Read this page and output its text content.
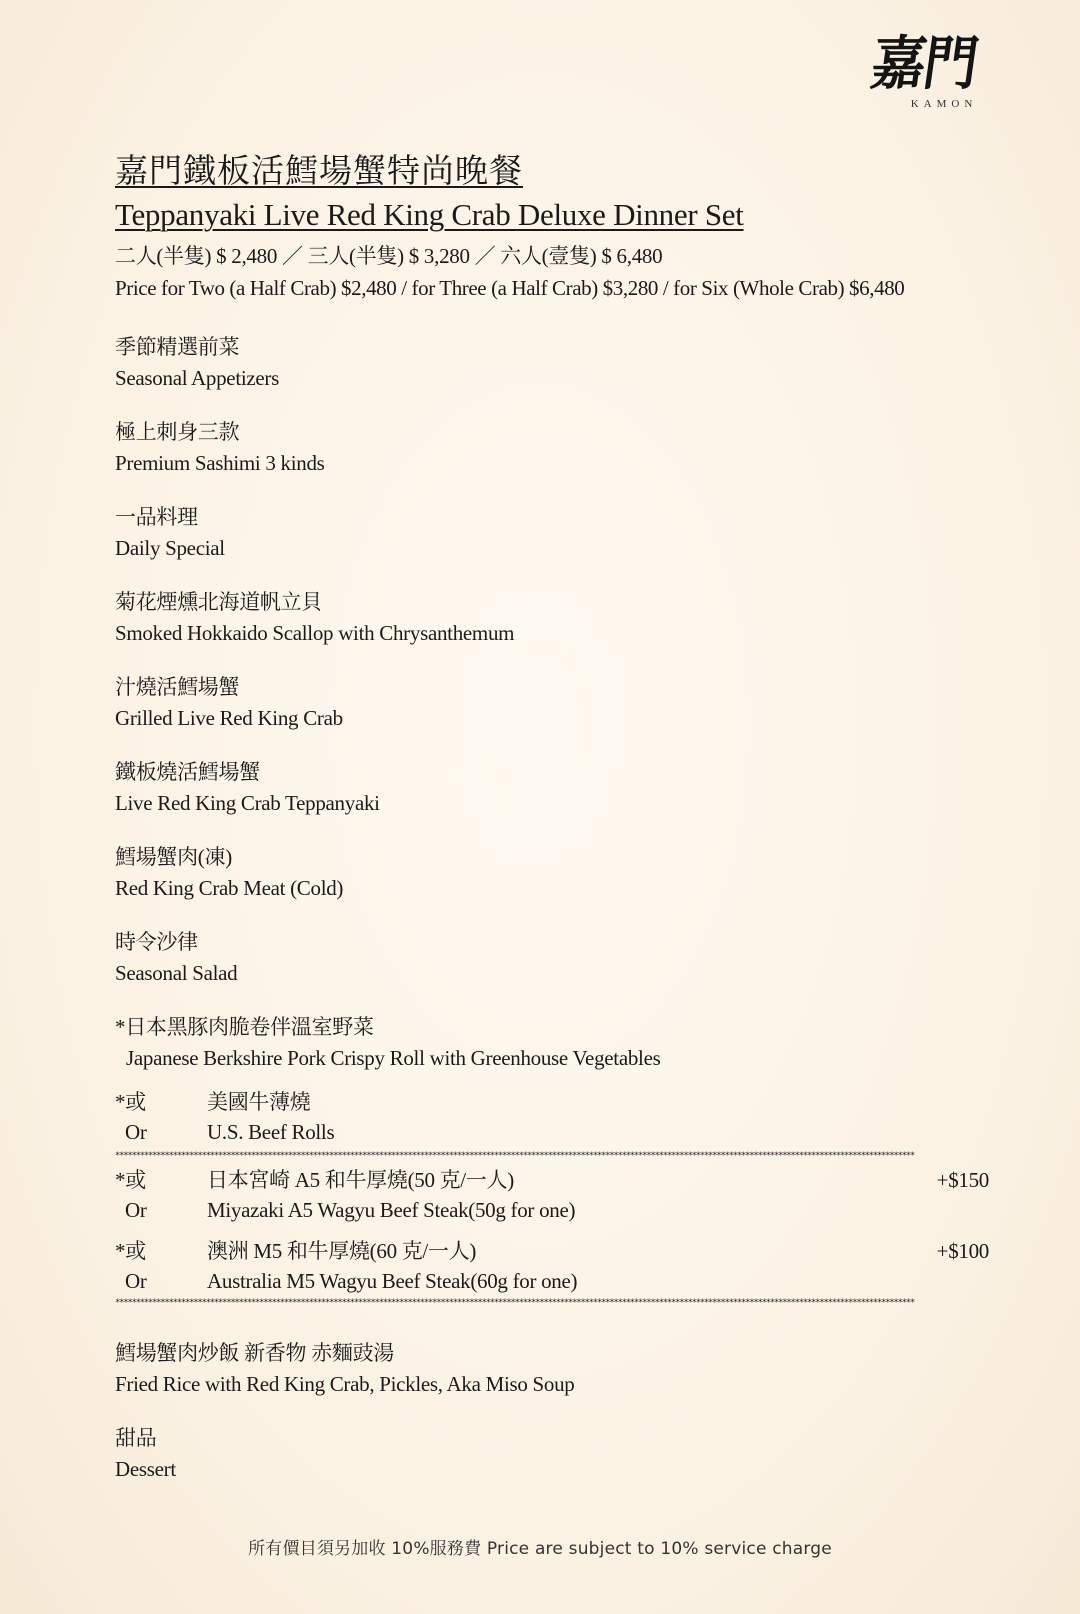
嘉門
KAMON
嘉門鐵板活鱈場蟹特尚晚餐
Teppanyaki Live Red King Crab Deluxe Dinner Set
二人(半隻) $ 2,480 ／ 三人(半隻) $ 3,280 ／ 六人(壹隻) $ 6,480
Price for Two (a Half Crab) $2,480 / for Three (a Half Crab) $3,280 / for Six (Whole Crab) $6,480
季節精選前菜
Seasonal Appetizers
極上刺身三款
Premium Sashimi 3 kinds
一品料理
Daily Special
菊花煙燻北海道帆立貝
Smoked Hokkaido Scallop with Chrysanthemum
汁燒活鱈場蟹
Grilled Live Red King Crab
鐵板燒活鱈場蟹
Live Red King Crab Teppanyaki
鱈場蟹肉(凍)
Red King Crab Meat (Cold)
時令沙律
Seasonal Salad
*日本黑豚肉脆卷伴溫室野菜
Japanese Berkshire Pork Crispy Roll with Greenhouse Vegetables
*或	美國牛薄燒
Or	U.S. Beef Rolls
**************************************************************************************************************************************************************************************************
*或	日本宮崎 A5 和牛厚燒(50 克/一人)	+$150
Or	Miyazaki A5 Wagyu Beef Steak(50g for one)
*或	澳洲 M5 和牛厚燒(60 克/一人)	+$100
Or	Australia M5 Wagyu Beef Steak(60g for one)
**************************************************************************************************************************************************************************************************
鱈場蟹肉炒飯 新香物 赤麵豉湯
Fried Rice with Red King Crab, Pickles, Aka Miso Soup
甜品
Dessert
所有價目須另加收 10%服務費 Price are subject to 10% service charge
